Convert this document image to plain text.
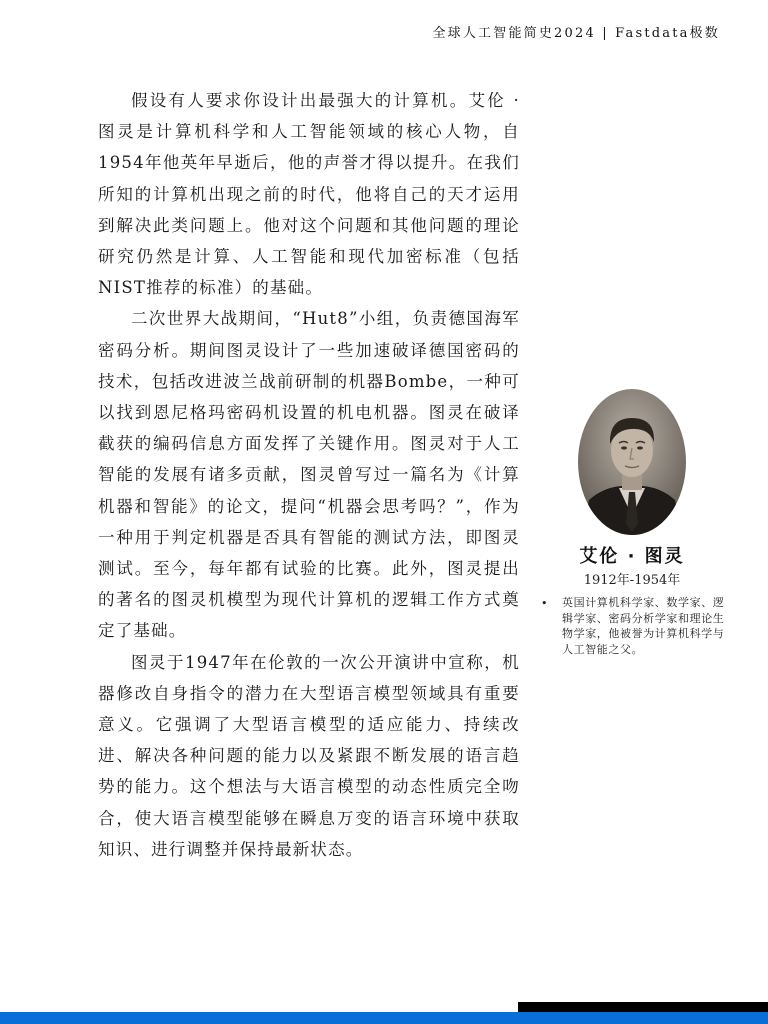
全球人工智能简史2024 | Fastdata极数

假设有人要求你设计出最强大的计算机。艾伦 · 图灵是计算机科学和人工智能领域的核心人物，自1954年他英年早逝后，他的声誉才得以提升。在我们所知的计算机出现之前的时代，他将自己的天才运用到解决此类问题上。他对这个问题和其他问题的理论研究仍然是计算、人工智能和现代加密标准（包括NIST推荐的标准）的基础。

二次世界大战期间，“Hut8”小组，负责德国海军密码分析。期间图灵设计了一些加速破译德国密码的技术，包括改进波兰战前研制的机器Bombe，一种可以找到恩尼格玛密码机设置的机电机器。图灵在破译截获的编码信息方面发挥了关键作用。图灵对于人工智能的发展有诸多贡献，图灵曾写过一篇名为《计算机器和智能》的论文，提问“机器会思考吗？”，作为一种用于判定机器是否具有智能的测试方法，即图灵测试。至今，每年都有试验的比赛。此外，图灵提出的著名的图灵机模型为现代计算机的逻辑工作方式奠定了基础。

图灵于1947年在伦敦的一次公开演讲中宣称，机器修改自身指令的潜力在大型语言模型领域具有重要意义。它强调了大型语言模型的适应能力、持续改进、解决各种问题的能力以及紧跟不断发展的语言趋势的能力。这个想法与大语言模型的动态性质完全吻合，使大语言模型能够在瞬息万变的语言环境中获取知识、进行调整并保持最新状态。

艾伦 · 图灵
1912年-1954年
• 英国计算机科学家、数学家、逻辑学家、密码分析学家和理论生物学家，他被誉为计算机科学与人工智能之父。
